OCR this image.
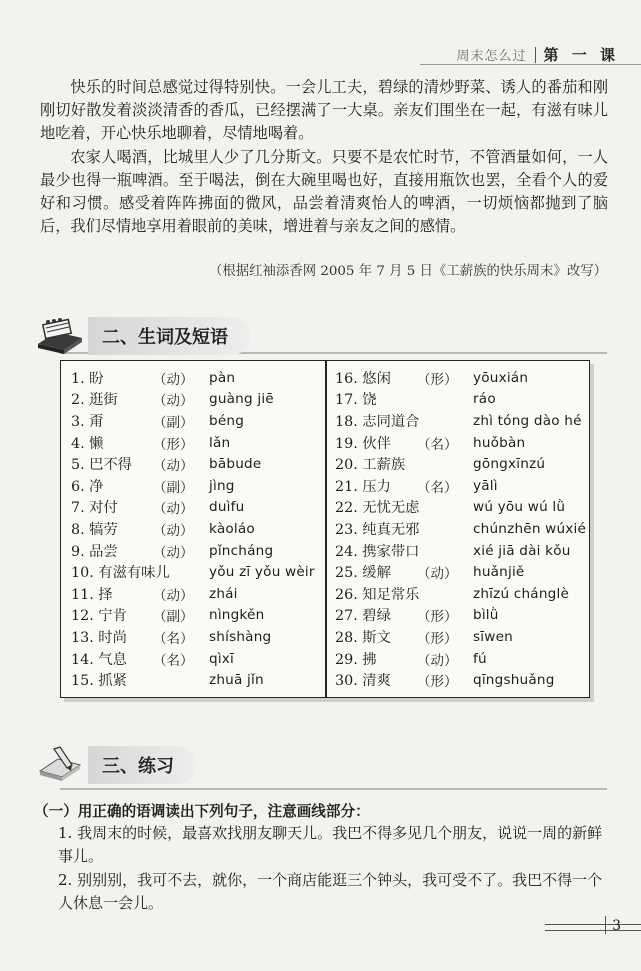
周末怎么过 第 一 课

快乐的时间总感觉过得特别快。一会儿工夫，碧绿的清炒野菜、诱人的番茄和刚刚切好散发着淡淡清香的香瓜，已经摆满了一大桌。亲友们围坐在一起，有滋有味儿地吃着，开心快乐地聊着，尽情地喝着。

农家人喝酒，比城里人少了几分斯文。只要不是农忙时节，不管酒量如何，一人最少也得一瓶啤酒。至于喝法，倒在大碗里喝也好，直接用瓶饮也罢，全看个人的爱好和习惯。感受着阵阵拂面的微风，品尝着清爽怡人的啤酒，一切烦恼都抛到了脑后，我们尽情地享用着眼前的美味，增进着与亲友之间的感情。

（根据红袖添香网 2005 年 7 月 5 日《工薪族的快乐周末》改写）
二、生词及短语
1. 盼	（动）	pàn
2. 逛街	（动）	guàng jiē
3. 甭	（副）	béng
4. 懒	（形）	lǎn
5. 巴不得	（动）	bābude
6. 净	（副）	jìng
7. 对付	（动）	duìfu
8. 犒劳	（动）	kàoláo
9. 品尝	（动）	pǐncháng
10. 有滋有味儿	yǒu zī yǒu wèir
11. 择	（动）	zhái
12. 宁肯	（副）	nìngkěn
13. 时尚	（名）	shíshàng
14. 气息	（名）	qìxī
15. 抓紧	zhuā jǐn
16. 悠闲	（形）	yōuxián
17. 饶	ráo
18. 志同道合	zhì tóng dào hé
19. 伙伴	（名）	huǒbàn
20. 工薪族	gōngxīnzú
21. 压力	（名）	yālì
22. 无忧无虑	wú yōu wú lǜ
23. 纯真无邪	chúnzhēn wúxié
24. 携家带口	xié jiā dài kǒu
25. 缓解	（动）	huǎnjiě
26. 知足常乐	zhīzú chánglè
27. 碧绿	（形）	bìlǜ
28. 斯文	（形）	sīwen
29. 拂	（动）	fú
30. 清爽	（形）	qīngshuǎng
三、练习
（一）用正确的语调读出下列句子，注意画线部分：
1. 我周末的时候，最喜欢找朋友聊天儿。我巴不得多见几个朋友，说说一周的新鲜事儿。
2. 别别别，我可不去，就你，一个商店能逛三个钟头，我可受不了。我巴不得一个人休息一会儿。
3
